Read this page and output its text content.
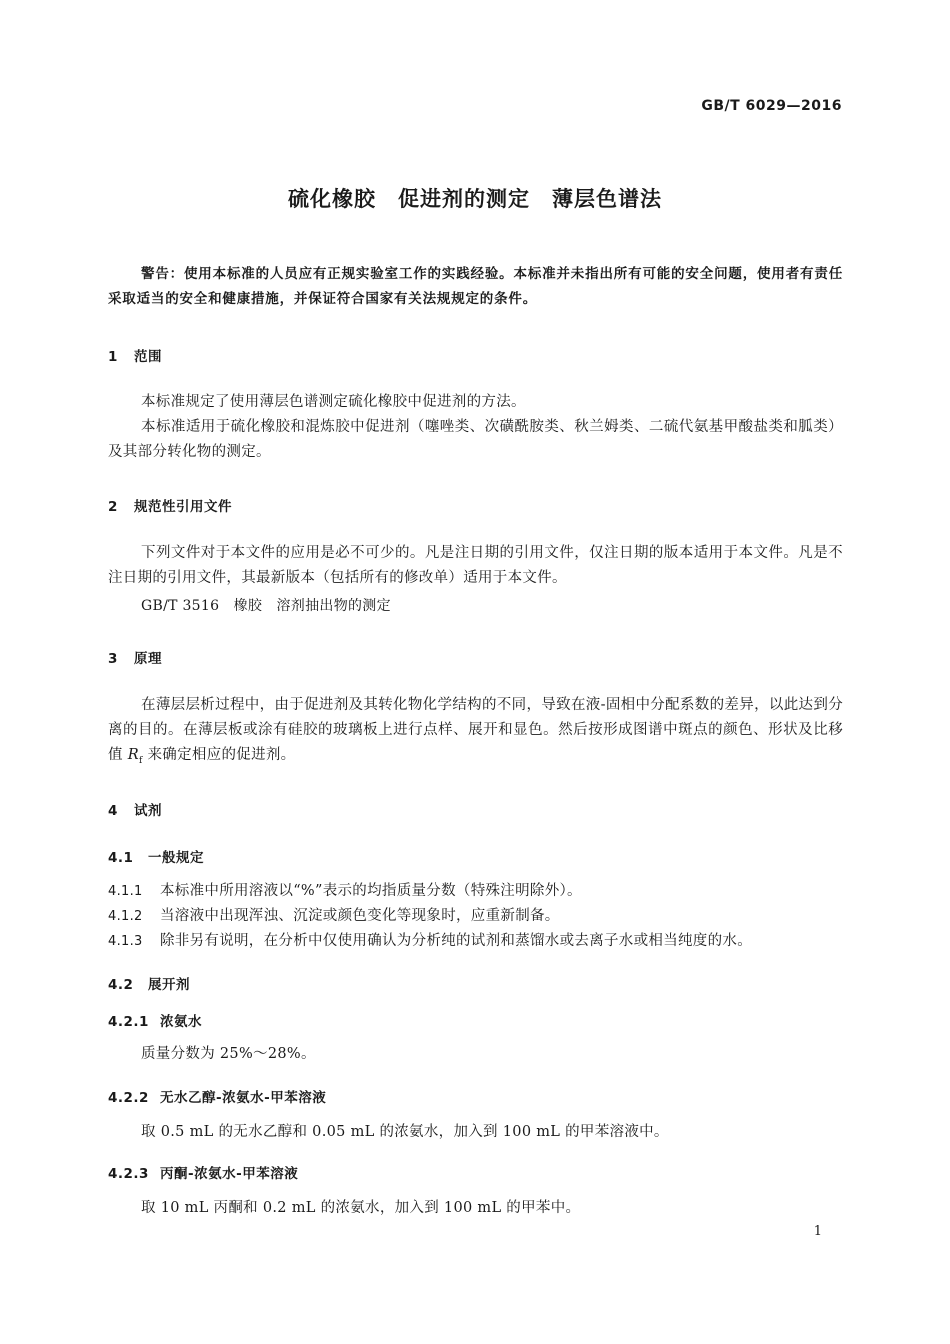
GB/T 6029—2016
硫化橡胶　 促进剂的测定　 薄层色谱法
警告：使用本标准的人员应有正规实验室工作的实践经验。本标准并未指出所有可能的安全问题，使用者有责任采取适当的安全和健康措施，并保证符合国家有关法规规定的条件。
1 范围
本标准规定了使用薄层色谱测定硫化橡胶中促进剂的方法。
本标准适用于硫化橡胶和混炼胶中促进剂（噻唑类、次磺酰胺类、秋兰姆类、二硫代氨基甲酸盐类和胍类）及其部分转化物的测定。
2 规范性引用文件
下列文件对于本文件的应用是必不可少的。凡是注日期的引用文件，仅注日期的版本适用于本文件。凡是不注日期的引用文件，其最新版本（包括所有的修改单）适用于本文件。
GB/T 3516　橡胶　溶剂抽出物的测定
3 原理
在薄层层析过程中，由于促进剂及其转化物化学结构的不同，导致在液-固相中分配系数的差异，以此达到分离的目的。在薄层板或涂有硅胶的玻璃板上进行点样、展开和显色。然后按形成图谱中斑点的颜色、形状及比移值 $R_f$ 来确定相应的促进剂。
4 试剂
4.1 一般规定
4.1.1 本标准中所用溶液以“%”表示的均指质量分数（特殊注明除外）。
4.1.2 当溶液中出现浑浊、沉淀或颜色变化等现象时，应重新制备。
4.1.3 除非另有说明，在分析中仅使用确认为分析纯的试剂和蒸馏水或去离子水或相当纯度的水。
4.2 展开剂
4.2.1 浓氨水
质量分数为 25%～28%。
4.2.2 无水乙醇-浓氨水-甲苯溶液
取 0.5 mL 的无水乙醇和 0.05 mL 的浓氨水，加入到 100 mL 的甲苯溶液中。
4.2.3 丙酮-浓氨水-甲苯溶液
取 10 mL 丙酮和 0.2 mL 的浓氨水，加入到 100 mL 的甲苯中。
1
